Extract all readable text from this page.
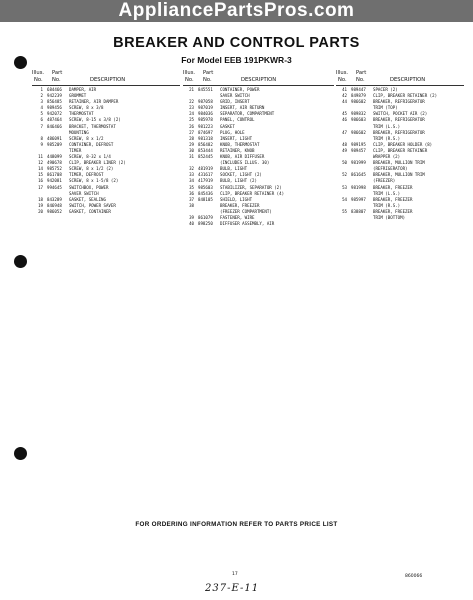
AppliancePartsPros.com
BREAKER AND CONTROL PARTS
For Model EEB 191PKWR-3
Illus. Part
No. No.	DESCRIPTION
1 684466	DAMPER, AIR
2 942239	GROMMET
3 856485	RETAINER, AIR DAMPER
4 989456	SCREW, 8 x 3/8
5 942072	THERMOSTAT
6 487464	SCREW, 8-15 x 3/8 (2)
7 846466	BRACKET, THERMOSTAT
MOUNTING
8 486091	SCREW, 8 x 1/2
9 985209	CONTAINER, DEFROST
TIMER
11 448099	SCREW, 8-32 x 1/4
12 490678	CLIP, BREAKER LINER (2)
14 985752	SCREW, 8 x 1/2 (2)
15 861708	TIMER, DEFROST
16 942081	SCREW, 8 x 1-5/8 (2)
17 994645	SWITCHBOX, POWER
SAVER SWITCH
18 843289	GASKET, SEALING
19 846948	SWITCH, POWER SAVER
20 986052	GASKET, CONTAINER
Illus. Part
No. No.	DESCRIPTION
21 845551	CONTAINER, POWER
SAVER SWITCH
22 987058	GRID, INSERT
23 987019	INSERT, AIR RETURN
24 984036	SEPARATOR, COMPARTMENT
25 985978	PANEL, CONTROL
26 981223	GASKET
27 874697	PLUG, HOLE
28 981318	INSERT, LIGHT
29 856482	KNOB, THERMOSTAT
30 853444	RETAINER, KNOB
31 852445	KNOB, AIR DIFFUSER
(INCLUDES ILLUS. 30)
32 481919	BULB, LIGHT
33 431617	SOCKET, LIGHT (2)
34 417919	BULB, LIGHT (2)
35 985603	STABILIZER, SEPARATOR (2)
36 845436	CLIP, BREAKER RETAINER (4)
37 848105	SHIELD, LIGHT
38	BREAKER, FREEZER
(FREEZER COMPARTMENT)
39 861079	FASTENER, WIRE
40 898250	DIFFUSER ASSEMBLY, AIR
Illus. Part
No. No.	DESCRIPTION
41 989447	SPACER (2)
42 849879	CLIP, BREAKER RETAINER (2)
44 986602	BREAKER, REFRIGERATOR
TRIM (TOP)
45 989832	SWITCH, POCKET AIR (2)
46 986603	BREAKER, REFRIGERATOR
TRIM (L.S.)
47 986602	BREAKER, REFRIGERATOR
TRIM (R.S.)
48 989195	CLIP, BREAKER HOLDER (8)
49 989457	CLIP, BREAKER RETAINER
WRAPPER (2)
50 981999	BREAKER, MULLION TRIM
(REFRIGERATOR)
52 861645	BREAKER, MULLION TRIM
(FREEZER)
53 981998	BREAKER, FREEZER
TRIM (L.S.)
54 985997	BREAKER, FREEZER
TRIM (R.S.)
55 838807	BREAKER, FREEZER
TRIM (BOTTOM)
FOR ORDERING INFORMATION REFER TO PARTS PRICE LIST
17	860066
237-E-11
